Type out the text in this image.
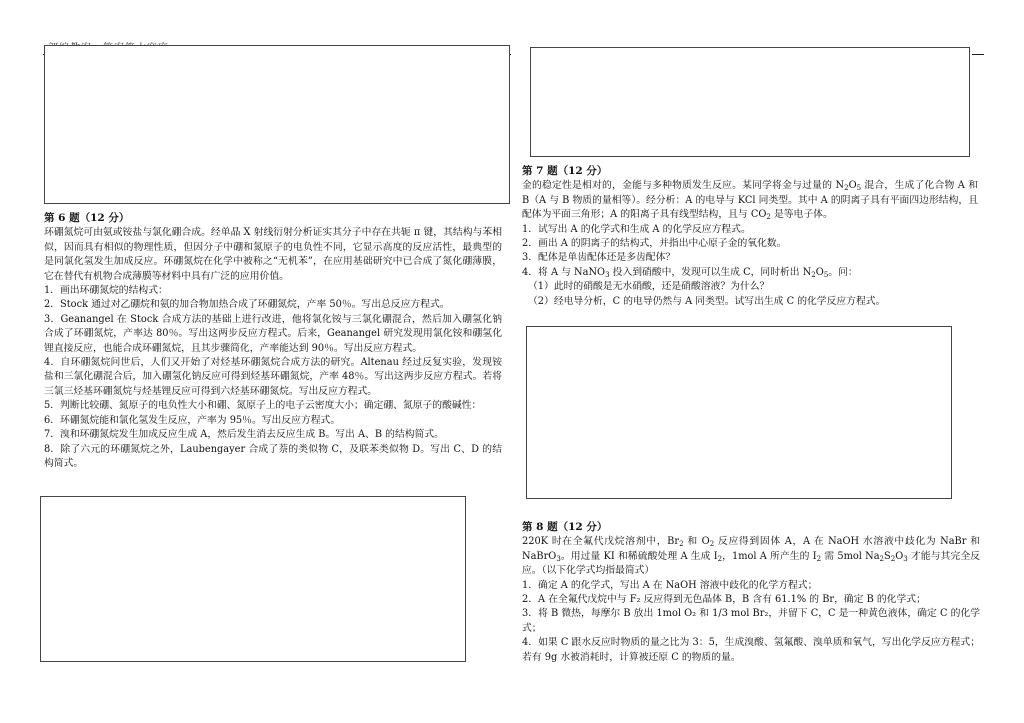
第 6 题（12 分）

环硼氮烷可由氨或铵盐与氯化硼合成。经单晶 X 射线衍射分析证实其分子中存在共轭 π 键，其结构与苯相似，因而具有相似的物理性质，但因分子中硼和氮原子的电负性不同，它显示高度的反应活性，最典型的是同氯化氢发生加成反应。环硼氮烷在化学中被称之“无机苯”，在应用基础研究中已合成了氮化硼薄膜，它在替代有机物合成薄膜等材料中具有广泛的应用价值。

1．画出环硼氮烷的结构式：

2．Stock 通过对乙硼烷和氨的加合物加热合成了环硼氮烷，产率 50％。写出总反应方程式。

3．Geanangel 在 Stock 合成方法的基础上进行改进，他将氯化铵与三氯化硼混合，然后加入硼氢化钠合成了环硼氮烷，产率达 80％。写出这两步反应方程式。后来，Geanangel 研究发现用氯化铵和硼氢化锂直接反应，也能合成环硼氮烷，且其步骤简化，产率能达到 90％。写出反应方程式。

4．自环硼氮烷问世后，人们又开始了对烃基环硼氮烷合成方法的研究。Altenau 经过反复实验，发现铵盐和三氯化硼混合后，加入硼氢化钠反应可得到烃基环硼氮烷，产率 48％。写出这两步反应方程式。若将三氯三烃基环硼氮烷与烃基锂反应可得到六烃基环硼氮烷。写出反应方程式。

5．判断比较硼、氮原子的电负性大小和硼、氮原子上的电子云密度大小；确定硼、氮原子的酸碱性：

6．环硼氮烷能和氯化氢发生反应，产率为 95％。写出反应方程式。

7．溴和环硼氮烷发生加成反应生成 A，然后发生消去反应生成 B。写出 A、B 的结构简式。

8．除了六元的环硼氮烷之外，Laubengayer 合成了萘的类似物 C，及联苯类似物 D。写出 C、D 的结构简式。

第 7 题（12 分）

金的稳定性是相对的，金能与多种物质发生反应。某同学将金与过量的 $N_2O_5$ 混合，生成了化合物 A 和 B（A 与 B 物质的量相等）。经分析：A 的电导与 KCl 同类型。其中 A 的阴离子具有平面四边形结构，且配体为平面三角形；A 的阳离子具有线型结构，且与 $CO_2$ 是等电子体。

1．试写出 A 的化学式和生成 A 的化学反应方程式。

2．画出 A 的阴离子的结构式，并指出中心原子金的氧化数。

3．配体是单齿配体还是多齿配体？

4．将 A 与 NaNO$_3$ 投入到硝酸中，发现可以生成 C，同时析出 $N_2O_5$。问：

（1）此时的硝酸是无水硝酸，还是硝酸溶液？为什么？

（2）经电导分析，C 的电导仍然与 A 同类型。试写出生成 C 的化学反应方程式。

第 8 题（12 分）

220K 时在全氟代戊烷溶剂中，$Br_2$ 和 $O_2$ 反应得到固体 A，A 在 NaOH 水溶液中歧化为 NaBr 和 NaBrO$_3$。用过量 KI 和稀硫酸处理 A 生成 $I_2$，1mol A 所产生的 $I_2$ 需 5mol $Na_2S_2O_3$ 才能与其完全反应。（以下化学式均指最简式）

1．确定 A 的化学式，写出 A 在 NaOH 溶液中歧化的化学方程式；

2．A 在全氟代戊烷中与 F₂ 反应得到无色晶体 B，B 含有 61.1% 的 Br，确定 B 的化学式；

3．将 B 微热，每摩尔 B 放出 1mol O₂ 和 1/3 mol Br₂，并留下 C，C 是一种黄色液体，确定 C 的化学式；

4．如果 C 跟水反应时物质的量之比为 3：5，生成溴酸、氢氟酸、溴单质和氧气，写出化学反应方程式；若有 9g 水被消耗时，计算被还原 C 的物质的量。
